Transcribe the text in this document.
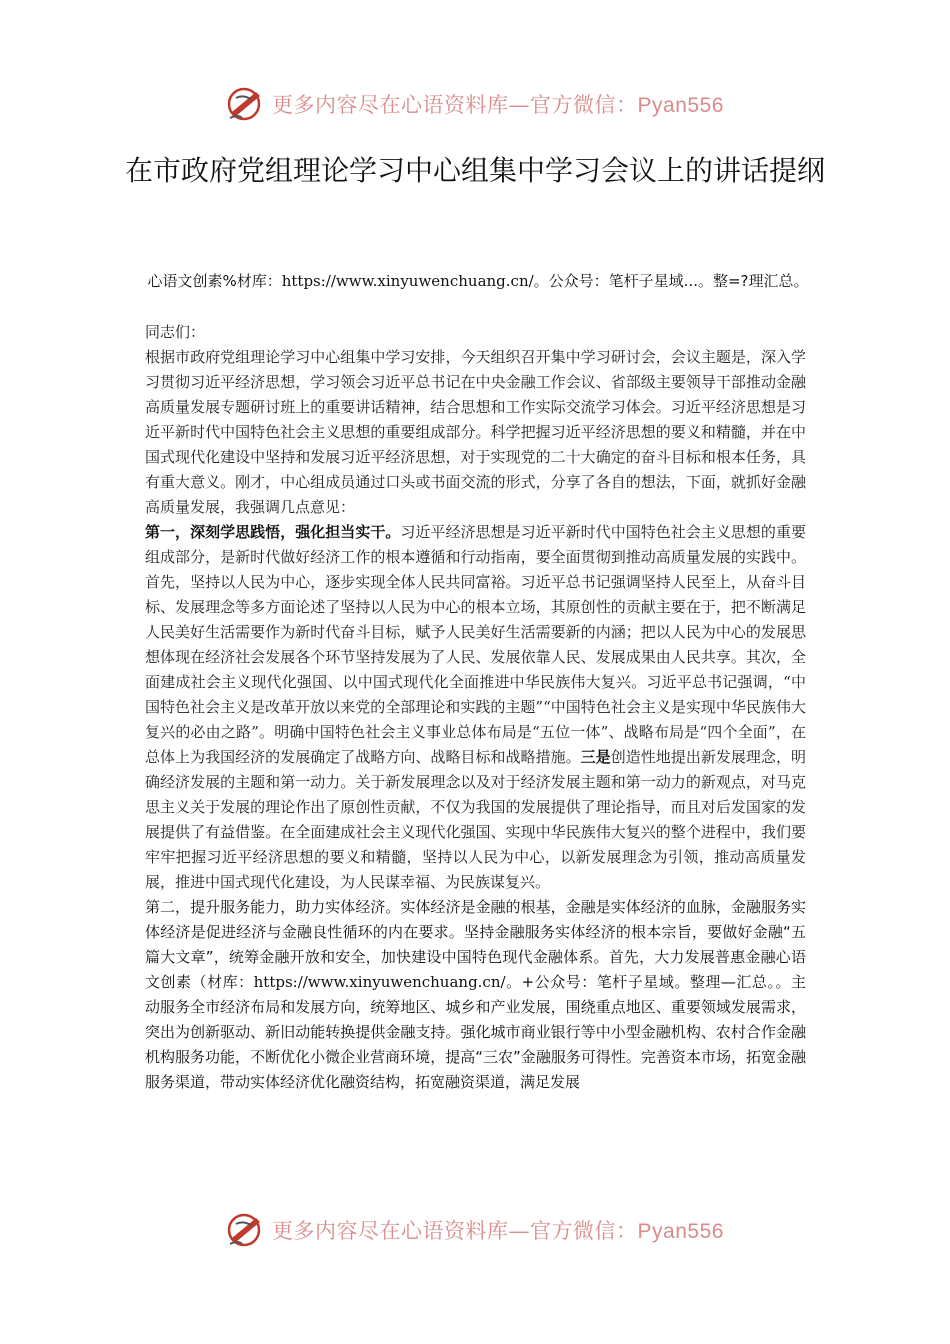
更多内容尽在心语资料库—官方微信：Pyan556
在市政府党组理论学习中心组集中学习会议上的讲话提纲
心语文创素%材库：https://www.xinyuwenchuang.cn/。公众号：笔杆子星域...。整=?理汇总。

同志们：

根据市政府党组理论学习中心组集中学习安排，今天组织召开集中学习研讨会，会议主题是，深入学习贯彻习近平经济思想，学习领会习近平总书记在中央金融工作会议、省部级主要领导干部推动金融高质量发展专题研讨班上的重要讲话精神，结合思想和工作实际交流学习体会。习近平经济思想是习近平新时代中国特色社会主义思想的重要组成部分。科学把握习近平经济思想的要义和精髓，并在中国式现代化建设中坚持和发展习近平经济思想，对于实现党的二十大确定的奋斗目标和根本任务，具有重大意义。刚才，中心组成员通过口头或书面交流的形式，分享了各自的想法，下面，就抓好金融高质量发展，我强调几点意见：

第一，深刻学思践悟，强化担当实干。习近平经济思想是习近平新时代中国特色社会主义思想的重要组成部分，是新时代做好经济工作的根本遵循和行动指南，要全面贯彻到推动高质量发展的实践中。首先，坚持以人民为中心，逐步实现全体人民共同富裕。习近平总书记强调坚持人民至上，从奋斗目标、发展理念等多方面论述了坚持以人民为中心的根本立场，其原创性的贡献主要在于，把不断满足人民美好生活需要作为新时代奋斗目标，赋予人民美好生活需要新的内涵；把以人民为中心的发展思想体现在经济社会发展各个环节坚持发展为了人民、发展依靠人民、发展成果由人民共享。其次，全面建成社会主义现代化强国、以中国式现代化全面推进中华民族伟大复兴。习近平总书记强调，“中国特色社会主义是改革开放以来党的全部理论和实践的主题”“中国特色社会主义是实现中华民族伟大复兴的必由之路”。明确中国特色社会主义事业总体布局是“五位一体”、战略布局是“四个全面”，在总体上为我国经济的发展确定了战略方向、战略目标和战略措施。三是创造性地提出新发展理念，明确经济发展的主题和第一动力。关于新发展理念以及对于经济发展主题和第一动力的新观点，对马克思主义关于发展的理论作出了原创性贡献，不仅为我国的发展提供了理论指导，而且对后发国家的发展提供了有益借鉴。在全面建成社会主义现代化强国、实现中华民族伟大复兴的整个进程中，我们要牢牢把握习近平经济思想的要义和精髓，坚持以人民为中心，以新发展理念为引领，推动高质量发展，推进中国式现代化建设，为人民谋幸福、为民族谋复兴。

第二，提升服务能力，助力实体经济。实体经济是金融的根基，金融是实体经济的血脉，金融服务实体经济是促进经济与金融良性循环的内在要求。坚持金融服务实体经济的根本宗旨，要做好金融“五篇大文章”，统筹金融开放和安全，加快建设中国特色现代金融体系。首先，大力发展普惠金融心语文创素（材库：https://www.xinyuwenchuang.cn/。+公众号：笔杆子星域。整理—汇总。。主动服务全市经济布局和发展方向，统筹地区、城乡和产业发展，围绕重点地区、重要领域发展需求，突出为创新驱动、新旧动能转换提供金融支持。强化城市商业银行等中小型金融机构、农村合作金融机构服务功能，不断优化小微企业营商环境，提高“三农”金融服务可得性。完善资本市场，拓宽金融服务渠道，带动实体经济优化融资结构，拓宽融资渠道，满足发展

更多内容尽在心语资料库—官方微信：Pyan556
